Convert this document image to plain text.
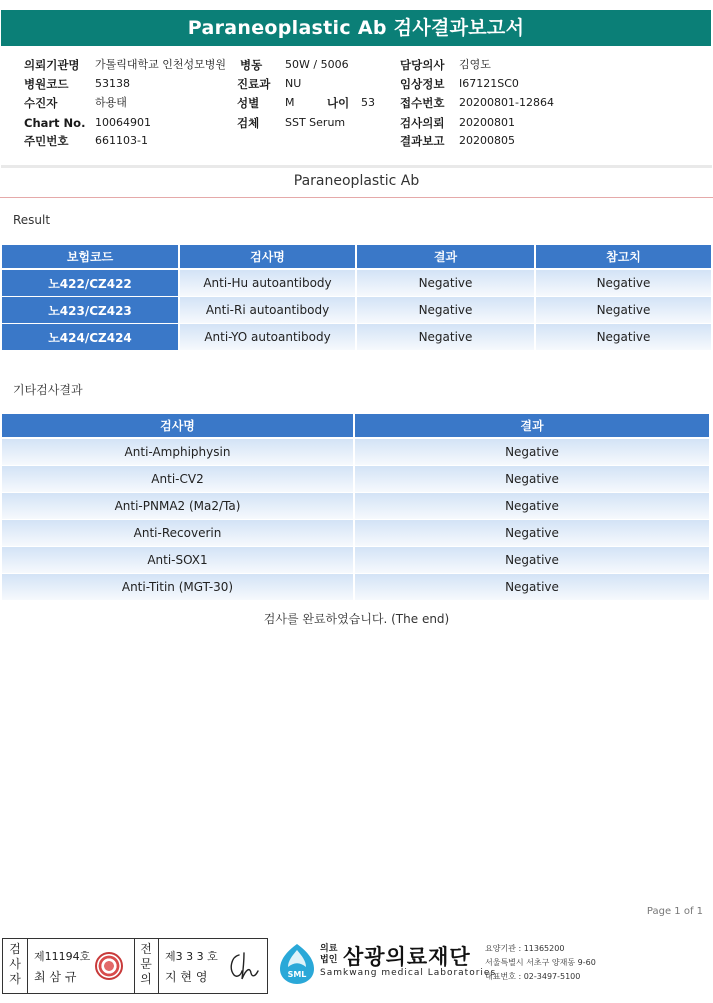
Paraneoplastic Ab 검사결과보고서
의뢰기관명 가톨릭대학교 인천성모병원 병동 50W / 5006	담당의사 김영도
병원코드 53138	진료과 NU	임상정보 I67121SC0
수진자	하용태	성별 M	나이 53 접수번호 20200801-12864
Chart No. 10064901	검체 SST Serum	검사의뢰 20200801
주민번호 661103-1	결과보고 20200805
Paraneoplastic Ab
Result
보험코드	검사명	결과	참고치
노422/CZ422	Anti-Hu autoantibody	Negative	Negative
노423/CZ423	Anti-Ri autoantibody	Negative	Negative
노424/CZ424	Anti-YO autoantibody	Negative	Negative
기타검사결과
검사명	결과
Anti-Amphiphysin	Negative
Anti-CV2	Negative
Anti-PNMA2 (Ma2/Ta)	Negative
Anti-Recoverin	Negative
Anti-SOX1	Negative
Anti-Titin (MGT-30)	Negative
검사를 완료하였습니다. (The end)
Page 1 of 1
검사자
제11194호
최 삼 규
전문의
제3 3 3 호
지 현 영	SML
의료
법인 삼광의료재단
Samkwang medical Laboratories
요양기관 : 11365200
서울특별시 서초구 양재동 9-60
대표번호 : 02-3497-5100
